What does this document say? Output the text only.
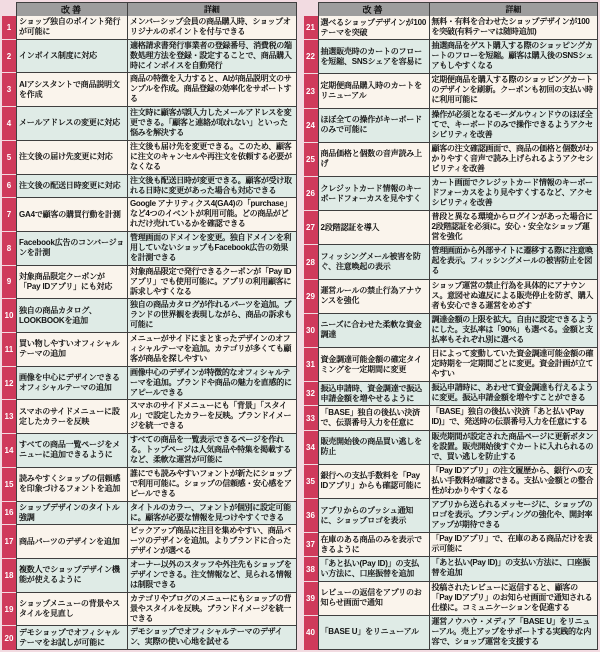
改善	詳細
1
ショップ独自のポイント発行が可能に
メンバーシップ会員の商品購入時、ショップオリジナルのポイントを付与できる
2 インボイス制度に対応
適格請求書発行事業者の登録番号、消費税の端数処理方法を登録・設定することで、商品購入時にインボイスを自動発行
3
AIアシスタントで商品説明文を作成
商品の特徴を入力すると、AIが商品説明文のサンプルを作成。商品登録の効率化をサポートする
4 メールアドレスの変更に対応
注文時に顧客が誤入力したメールアドレスを変更できる。「顧客と連絡が取れない」といった悩みを解決する
5 注文後の届け先変更に対応
注文後も届け先を変更できる。このため、顧客に注文のキャンセルや再注文を依頼する必要がなくなる
6 注文後の配送日時変更に対応
注文後も配送日時が変更できる。顧客が受け取れる日時に変更があった場合も対応できる
7 GA4で顧客の購買行動を計測
Google アナリティクス4(GA4)の「purchase」など4つのイベントが利用可能。どの商品がどれだけ売れているかを確認できる
8
Facebook広告のコンバージョンを計測
管理画面のドメインを変更。独自ドメインを利用していないショップもFacebook広告の効果を計測できる
9
対象商品限定クーポンが「Pay IDアプリ」にも対応
対象商品限定で発行できるクーポンが「Pay IDアプリ」でも使用可能に。アプリの利用顧客に訴求しやすくなる
10
独自の商品カタログ、LOOKBOOKを追加
独自の商品カタログが作れるパーツを追加。ブランドの世界観を表現しながら、商品の訴求も可能に
11
買い物しやすいオフィシャルテーマの追加
メニューがサイドにまとまったデザインのオフィシャルテーマを追加。カテゴリが多くても顧客が商品を探しやすい
12
画像を中心にデザインできるオフィシャルテーマの追加
画像中心のデザインが特徴的なオフィシャルテーマを追加。ブランドや商品の魅力を直感的にアピールできる
13
スマホのサイドメニューに設定したカラーを反映
スマホのサイドメニューにも「背景」「スタイル」で設定したカラーを反映。ブランドイメージを統一できる
14
すべての商品一覧ページをメニューに追加できるように
すべての商品を一覧表示できるページを作れる。トップページは人気商品や特集を掲載するなど、柔軟な運営が可能に
15
読みやすくショップの信頼感を印象づけるフォントを追加
誰にでも読みやすいフォントが新たにショップで利用可能に。ショップの信頼感・安心感をアピールできる
16
ショップデザインのタイトル強調
タイトルのカラー、フォントが個別に設定可能に。顧客が必要な情報を見つけやすくできる
17 商品パーツのデザインを追加
ピックアップ商品に注目を集めやすい、商品パーツのデザインを追加。よりブランドに合ったデザインが選べる
18
複数人でショップデザイン機能が使えるように
オーナー以外のスタッフや外注先もショップをデザインできる。注文情報など、見られる情報は制限できる
19
ショップメニューの背景やスタイルを見直し
カテゴリやブログのメニューにもショップの背景やスタイルを反映。ブランドイメージを統一できる
20
デモショップでオフィシャルテーマをお試しが可能に
デモショップでオフィシャルテーマのデザイン、実際の使い心地を試せる
改善	詳細
21
選べるショップデザインが100テーマを突破
無料・有料を合わせたショップデザインが100を突破(有料テーマは随時追加)
22
抽選販売時のカートのフローを短縮、SNSシェアを容易に
抽選商品をゲスト購入する際のショッピングカートのフローを短縮。顧客は購入後のSNSシェアもしやすくなる
23
定期便商品購入時のカートをリニューアル
定期便商品を購入する際のショッピングカートのデザインを刷新。クーポンも初回の支払い時に利用可能に
24
ほぼ全ての操作がキーボードのみで可能に
操作が必須となるモーダルウィンドウのほぼ全てで、キーボードのみで操作できるようアクセシビリティを改善
25
商品価格と個数の音声読み上げ
顧客の注文確認画面で、商品の価格と個数がわかりやすく音声で読み上げられるようアクセシビリティを改善
26
クレジットカード情報のキーボードフォーカスを見やすく
カート画面でクレジットカード情報のキーボードフォーカスをより見やすくするなど、アクセシビリティを改善
27 2段階認証を導入
普段と異なる環境からログインがあった場合に2段階認証を必須に。安心・安全なショップ運営を強化
28
フィッシングメール被害を防ぐ、注意喚起の表示
管理画面から外部サイトに遷移する際に注意喚起を表示。フィッシングメールの被害防止を図る
29
運営ルールの禁止行為アナウンスを強化
ショップ運営の禁止行為を具体的にアナウンス。意図せぬ違反による販売停止を防ぎ、購入者も安心できる運営をめざす
30
ニーズに合わせた柔軟な資金調達
調達金額の上限を拡大。自由に設定できるようにした。支払率は「90%」も選べる。金額と支払率もそれぞれ別に選べる
31
資金調達可能金額の確定タイミングを一定期間に変更
日によって変動していた資金調達可能金額の確定時期を一定期間ごとに変更。資金計画が立てやすい
32
振込申請時、資金調達で振込申請金額を増やせるように
振込申請時に、あわせて資金調達も行えるように変更。振込申請金額を増やすことができる
33
「BASE」独自の後払い決済で、伝票番号入力を任意に
「BASE」独自の後払い決済「あと払い(Pay ID)」で、発送時の伝票番号入力を任意にする
34
販売開始後の商品買い逃しを防止
販売期間が設定された商品ページに更新ボタンを設置。販売開始後すぐカートに入れられるので、買い逃しを防止する
35
銀行への支払手数料を「Pay IDアプリ」からも確認可能に
「Pay IDアプリ」の注文履歴から、銀行への支払い手数料が確認できる。支払い金額との整合性がわかりやすくなる
36
アプリからのプッシュ通知に、ショップロゴを表示
アプリから送られるメッセージに、ショップのロゴを表示。ブランディングの強化や、開封率アップが期待できる
37
在庫のある商品のみを表示できるように
「Pay IDアプリ」で、在庫のある商品だけを表示可能に
38
「あと払い(Pay ID)」の支払い方法に、口座振替を追加
「あと払い(Pay ID)」の支払い方法に、口座振替を追加
39
レビューの返信をアプリのお知らせ画面で通知
投稿されたレビューに返信すると、顧客の「Pay IDアプリ」のお知らせ画面で通知される仕様に。コミュニケーションを促進する
40 「BASE U」をリニューアル
運営ノウハウ・メディア「BASE U」をリニューアル。売上アップをサポートする実践的な内容で、ショップ運営を支援する
